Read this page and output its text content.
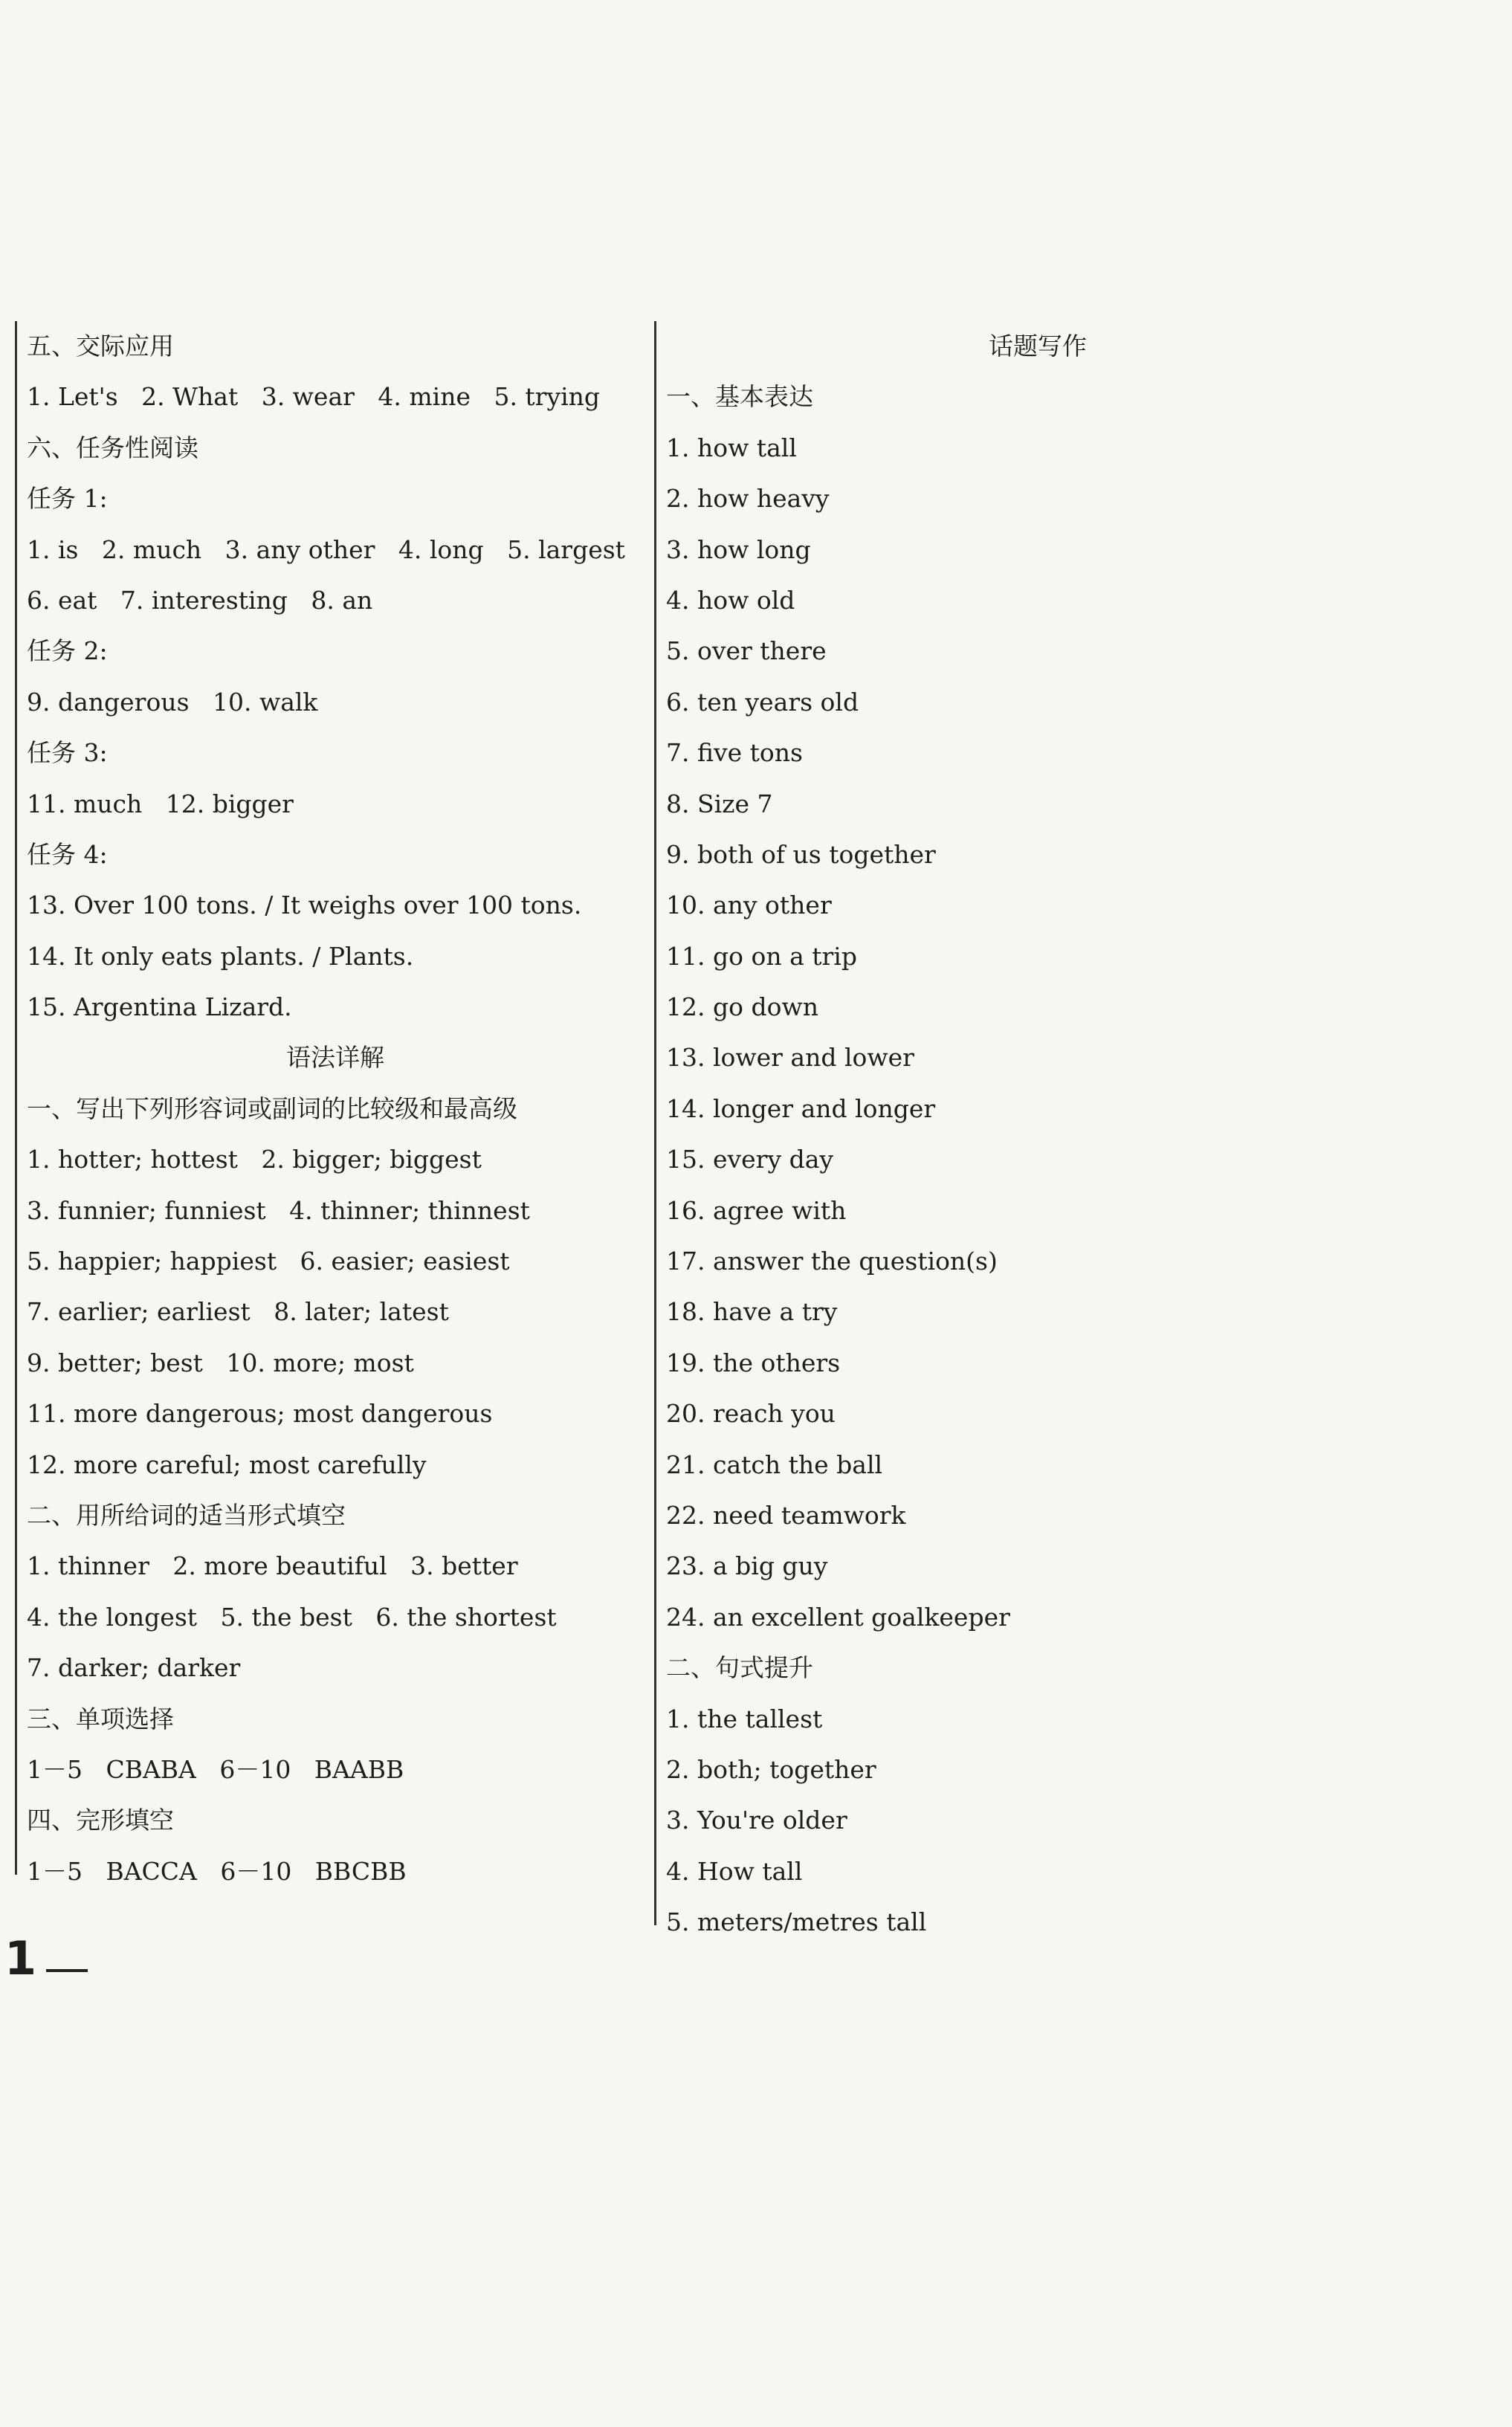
五、交际应用
1. Let's   2. What   3. wear   4. mine   5. trying
六、任务性阅读
任务 1:
1. is   2. much   3. any other   4. long   5. largest
6. eat   7. interesting   8. an
任务 2:
9. dangerous   10. walk
任务 3:
11. much   12. bigger
任务 4:
13. Over 100 tons. / It weighs over 100 tons.
14. It only eats plants. / Plants.
15. Argentina Lizard.
语法详解
一、写出下列形容词或副词的比较级和最高级
1. hotter; hottest   2. bigger; biggest
3. funnier; funniest   4. thinner; thinnest
5. happier; happiest   6. easier; easiest
7. earlier; earliest   8. later; latest
9. better; best   10. more; most
11. more dangerous; most dangerous
12. more careful; most carefully
二、用所给词的适当形式填空
1. thinner   2. more beautiful   3. better
4. the longest   5. the best   6. the shortest
7. darker; darker
三、单项选择
1－5   CBABA   6－10   BAABB
四、完形填空
1－5   BACCA   6－10   BBCBB
话题写作
一、基本表达
1. how tall
2. how heavy
3. how long
4. how old
5. over there
6. ten years old
7. five tons
8. Size 7
9. both of us together
10. any other
11. go on a trip
12. go down
13. lower and lower
14. longer and longer
15. every day
16. agree with
17. answer the question(s)
18. have a try
19. the others
20. reach you
21. catch the ball
22. need teamwork
23. a big guy
24. an excellent goalkeeper
二、句式提升
1. the tallest
2. both; together
3. You're older
4. How tall
5. meters/metres tall
1
